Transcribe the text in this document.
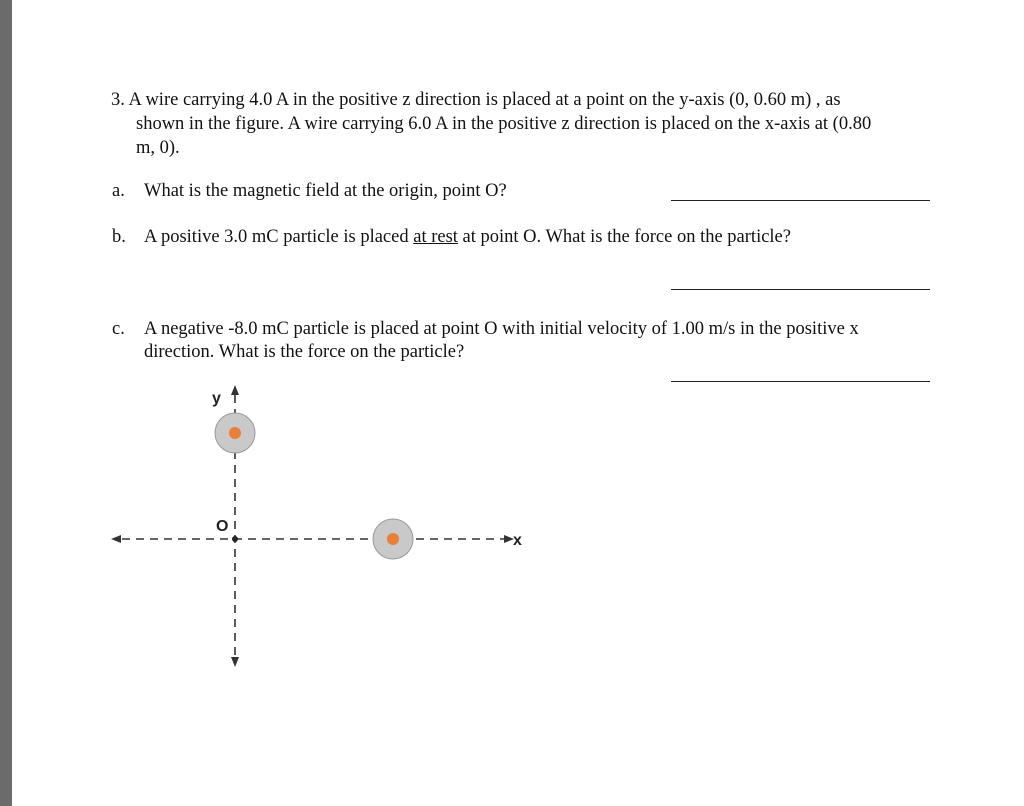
3. A wire carrying 4.0 A in the positive z direction is placed at a point on the y-axis (0, 0.60 m) , as
shown in the figure. A wire carrying 6.0 A in the positive z direction is placed on the x-axis at (0.80
m, 0).
a. What is the magnetic field at the origin, point O?
b. A positive 3.0 mC particle is placed at rest at point O. What is the force on the particle?
c. A negative -8.0 mC particle is placed at point O with initial velocity of 1.00 m/s in the positive x
direction. What is the force on the particle?
y
x
O
